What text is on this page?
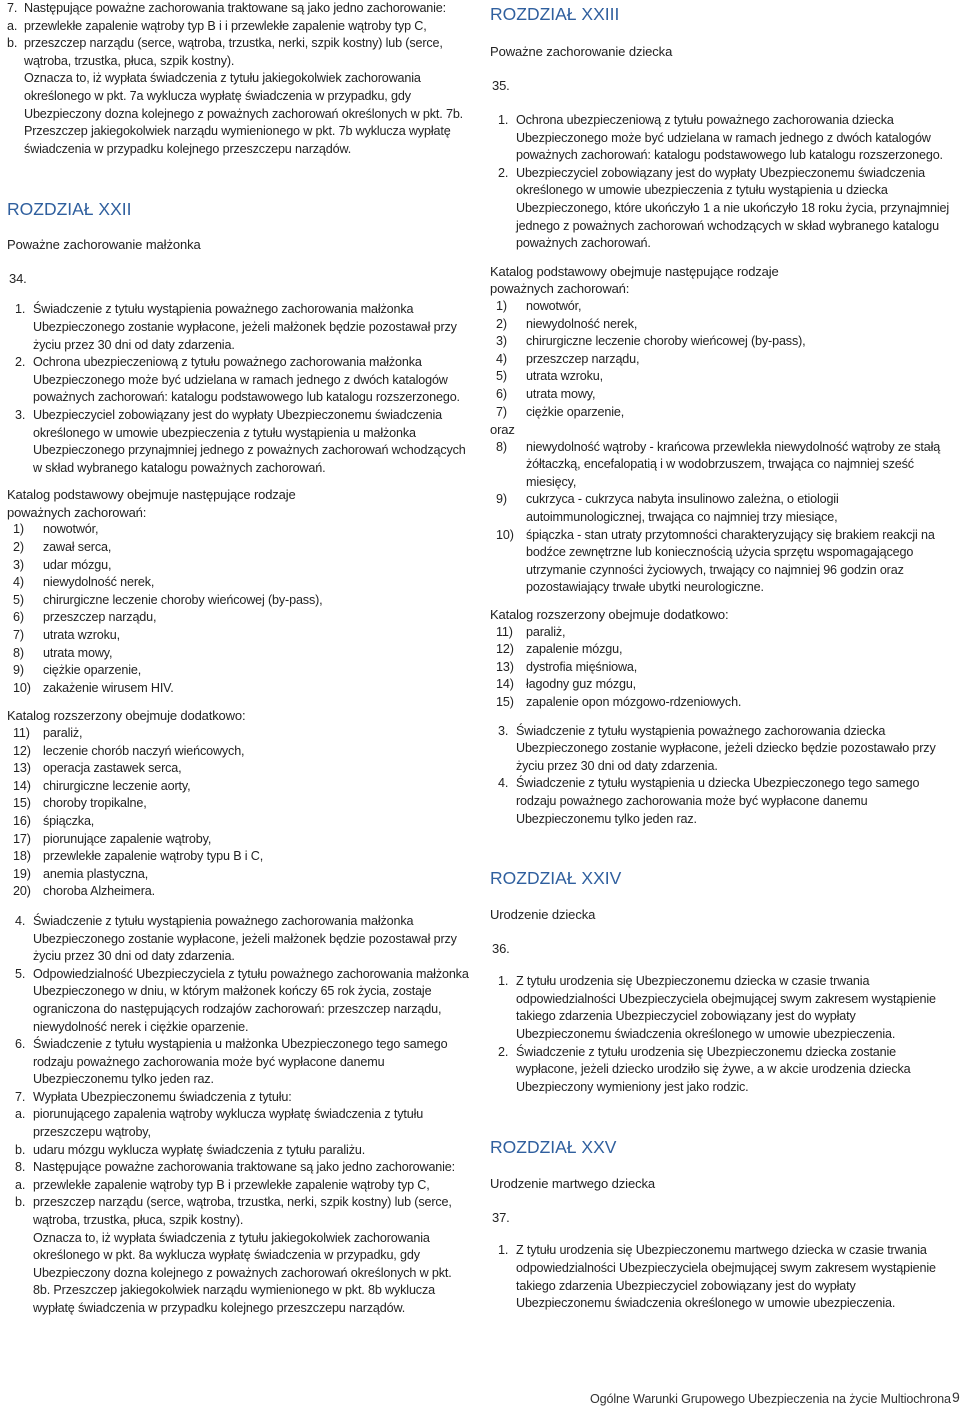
7. Następujące poważne zachorowania traktowane są jako jedno zachorowanie:
a. przewlekłe zapalenie wątroby typ B i i przewlekłe zapalenie wątroby typ C,
b. przeszczep narządu (serce, wątroba, trzustka, nerki, szpik kostny) lub (serce, wątroba, trzustka, płuca, szpik kostny).

Oznacza to, iż wypłata świadczenia z tytułu jakiegokolwiek zachorowania określonego w pkt. 7a wyklucza wypłatę świadczenia w przypadku, gdy Ubezpieczony dozna kolejnego z poważnych zachorowań określonych w pkt. 7b. Przeszczep jakiegokolwiek narządu wymienionego w pkt. 7b wyklucza wypłatę świadczenia w przypadku kolejnego przeszczepu narządów.

ROZDZIAŁ XXII

Poważne zachorowanie małżonka

34.

1. Świadczenie z tytułu wystąpienia poważnego zachorowania małżonka Ubezpieczonego zostanie wypłacone, jeżeli małżonek będzie pozostawał przy życiu przez 30 dni od daty zdarzenia.
2. Ochrona ubezpieczeniową z tytułu poważnego zachorowania małżonka Ubezpieczonego może być udzielana w ramach jednego z dwóch katalogów poważnych zachorowań: katalogu podstawowego lub katalogu rozszerzonego.
3. Ubezpieczyciel zobowiązany jest do wypłaty Ubezpieczonemu świadczenia określonego w umowie ubezpieczenia z tytułu wystąpienia u małżonka Ubezpieczonego przynajmniej jednego z poważnych zachorowań wchodzących w skład wybranego katalogu poważnych zachorowań.

Katalog podstawowy obejmuje następujące rodzaje poważnych zachorowań:

1)	nowotwór,
2)	zawał serca,
3)	udar mózgu,
4)	niewydolność nerek,
5)	chirurgiczne leczenie choroby wieńcowej (by-pass),
6)	przeszczep narządu,
7)	utrata wzroku,
8)	utrata mowy,
9)	ciężkie oparzenie,
10) zakażenie wirusem HIV.

Katalog rozszerzony obejmuje dodatkowo:

11)	paraliż,
12) leczenie chorób naczyń wieńcowych,
13) operacja zastawek serca,
14) chirurgiczne leczenie aorty,
15) choroby tropikalne,
16) śpiączka,
17) piorunujące zapalenie wątroby,
18) przewlekłe zapalenie wątroby typu B i C,
19) anemia plastyczna,
20) choroba Alzheimera.
4. Świadczenie z tytułu wystąpienia poważnego zachorowania małżonka Ubezpieczonego zostanie wypłacone, jeżeli małżonek będzie pozostawał przy życiu przez 30 dni od daty zdarzenia.
5. Odpowiedzialność Ubezpieczyciela z tytułu poważnego zachorowania małżonka Ubezpieczonego w dniu, w którym małżonek kończy 65 rok życia, zostaje ograniczona do następujących rodzajów zachorowań: przeszczep narządu, niewydolność nerek i ciężkie oparzenie.
6. Świadczenie z tytułu wystąpienia u małżonka Ubezpieczonego tego samego rodzaju poważnego zachorowania może być wypłacone danemu Ubezpieczonemu tylko jeden raz.
7. Wypłata Ubezpieczonemu świadczenia z tytułu:
a. piorunującego zapalenia wątroby wyklucza wypłatę świadczenia z tytułu przeszczepu wątroby,
b. udaru mózgu wyklucza wypłatę świadczenia z tytułu paraliżu.
8. Następujące poważne zachorowania traktowane są jako jedno zachorowanie:
a. przewlekłe zapalenie wątroby typ B i przewlekłe zapalenie wątroby typ C,
b. przeszczep narządu (serce, wątroba, trzustka, nerki, szpik kostny) lub (serce, wątroba, trzustka, płuca, szpik kostny).

Oznacza to, iż wypłata świadczenia z tytułu jakiegokolwiek zachorowania określonego w pkt. 8a wyklucza wypłatę świadczenia w przypadku, gdy Ubezpieczony dozna kolejnego z poważnych zachorowań określonych w pkt. 8b. Przeszczep jakiegokolwiek narządu wymienionego w pkt. 8b wyklucza wypłatę świadczenia w przypadku kolejnego przeszczepu narządów.

ROZDZIAŁ XXIII

Poważne zachorowanie dziecka

35.

1. Ochrona ubezpieczeniową z tytułu poważnego zachorowania dziecka Ubezpieczonego może być udzielana w ramach jednego z dwóch katalogów poważnych zachorowań: katalogu podstawowego lub katalogu rozszerzonego.
2. Ubezpieczyciel zobowiązany jest do wypłaty Ubezpieczonemu świadczenia określonego w umowie ubezpieczenia z tytułu wystąpienia u dziecka Ubezpieczonego, które ukończyło 1 a nie ukończyło 18 roku życia, przynajmniej jednego z poważnych zachorowań wchodzących w skład wybranego katalogu poważnych zachorowań.

Katalog podstawowy obejmuje następujące rodzaje poważnych zachorowań:

1)	nowotwór,
2)	niewydolność nerek,
3)	chirurgiczne leczenie choroby wieńcowej (by-pass),
4)	przeszczep narządu,
5)	utrata wzroku,
6)	utrata mowy,
7)	ciężkie oparzenie,

oraz

8)	niewydolność wątroby - krańcowa przewlekła niewydolność wątroby ze stałą żółtaczką, encefalopatią i w wodobrzuszem, trwająca co najmniej sześć miesięcy,
9)	cukrzyca - cukrzyca nabyta insulinowo zależna, o etiologii autoimmunologicznej, trwająca co najmniej trzy miesiące,
10) śpiączka - stan utraty przytomności charakteryzujący się brakiem reakcji na bodźce zewnętrzne lub koniecznością użycia sprzętu wspomagającego utrzymanie czynności życiowych, trwający co najmniej 96 godzin oraz pozostawiający trwałe ubytki neurologiczne.

Katalog rozszerzony obejmuje dodatkowo:

11)	paraliż,
12) zapalenie mózgu,
13) dystrofia mięśniowa,
14) łagodny guz mózgu,
15) zapalenie opon mózgowo-rdzeniowych.
3. Świadczenie z tytułu wystąpienia poważnego zachorowania dziecka Ubezpieczonego zostanie wypłacone, jeżeli dziecko będzie pozostawało przy życiu przez 30 dni od daty zdarzenia.
4. Świadczenie z tytułu wystąpienia u dziecka Ubezpieczonego tego samego rodzaju poważnego zachorowania może być wypłacone danemu Ubezpieczonemu tylko jeden raz.
ROZDZIAŁ XXIV

Urodzenie dziecka

36.

1. Z tytułu urodzenia się Ubezpieczonemu dziecka w czasie trwania odpowiedzialności Ubezpieczyciela obejmującej swym zakresem wystąpienie takiego zdarzenia Ubezpieczyciel zobowiązany jest do wypłaty Ubezpieczonemu świadczenia określonego w umowie ubezpieczenia.
2. Świadczenie z tytułu urodzenia się Ubezpieczonemu dziecka zostanie wypłacone, jeżeli dziecko urodziło się żywe, a w akcie urodzenia dziecka Ubezpieczony wymieniony jest jako rodzic.
ROZDZIAŁ XXV

Urodzenie martwego dziecka

37.

1. Z tytułu urodzenia się Ubezpieczonemu martwego dziecka w czasie trwania odpowiedzialności Ubezpieczyciela obejmującej swym zakresem wystąpienie takiego zdarzenia Ubezpieczyciel zobowiązany jest do wypłaty Ubezpieczonemu świadczenia określonego w umowie ubezpieczenia.
Ogólne Warunki Grupowego Ubezpieczenia na życie Multiochrona 9
